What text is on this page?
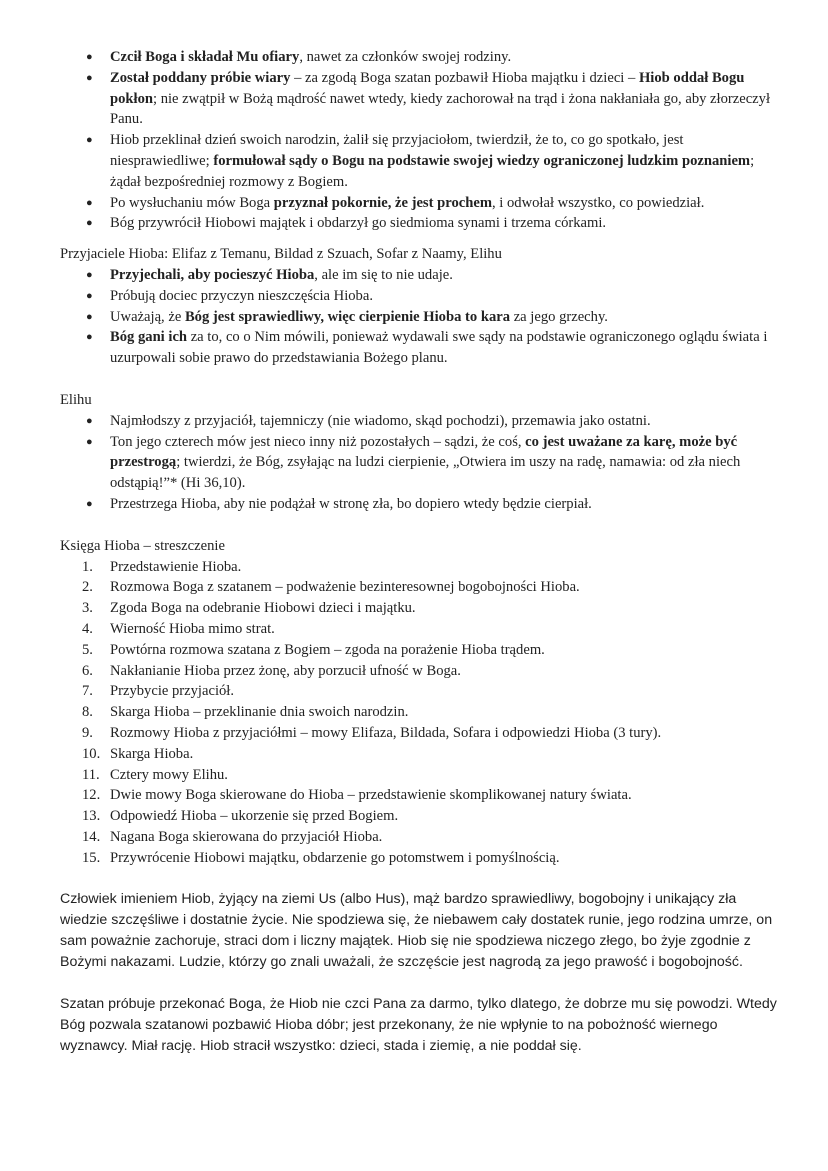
● Czcił Boga i składał Mu ofiary, nawet za członków swojej rodziny.
● Został poddany próbie wiary – za zgodą Boga szatan pozbawił Hioba majątku i dzieci – Hiob oddał Bogu pokłon; nie zwątpił w Bożą mądrość nawet wtedy, kiedy zachorował na trąd i żona nakłaniała go, aby złorzeczył Panu.
● Hiob przeklinał dzień swoich narodzin, żalił się przyjaciołom, twierdził, że to, co go spotkało, jest niesprawiedliwe; formułował sądy o Bogu na podstawie swojej wiedzy ograniczonej ludzkim poznaniem; żądał bezpośredniej rozmowy z Bogiem.
● Po wysłuchaniu mów Boga przyznał pokornie, że jest prochem, i odwołał wszystko, co powiedział.
● Bóg przywrócił Hiobowi majątek i obdarzył go siedmioma synami i trzema córkami.

Przyjaciele Hioba: Elifaz z Temanu, Bildad z Szuach, Sofar z Naamy, Elihu

● Przyjechali, aby pocieszyć Hioba, ale im się to nie udaje.
● Próbują dociec przyczyn nieszczęścia Hioba.
● Uważają, że Bóg jest sprawiedliwy, więc cierpienie Hioba to kara za jego grzechy.
● Bóg gani ich za to, co o Nim mówili, ponieważ wydawali swe sądy na podstawie ograniczonego oglądu świata i uzurpowali sobie prawo do przedstawiania Bożego planu.

Elihu

● Najmłodszy z przyjaciół, tajemniczy (nie wiadomo, skąd pochodzi), przemawia jako ostatni.
● Ton jego czterech mów jest nieco inny niż pozostałych – sądzi, że coś, co jest uważane za karę, może być przestrogą; twierdzi, że Bóg, zsyłając na ludzi cierpienie, „Otwiera im uszy na radę, namawia: od zła niech odstąpią!”* (Hi 36,10).
● Przestrzega Hioba, aby nie podążał w stronę zła, bo dopiero wtedy będzie cierpiał.

Księga Hioba – streszczenie

1. Przedstawienie Hioba.
2. Rozmowa Boga z szatanem – podważenie bezinteresownej bogobojności Hioba.
3. Zgoda Boga na odebranie Hiobowi dzieci i majątku.
4. Wierność Hioba mimo strat.
5. Powtórna rozmowa szatana z Bogiem – zgoda na porażenie Hioba trądem.
6. Nakłanianie Hioba przez żonę, aby porzucił ufność w Boga.
7. Przybycie przyjaciół.
8. Skarga Hioba – przeklinanie dnia swoich narodzin.
9. Rozmowy Hioba z przyjaciółmi – mowy Elifaza, Bildada, Sofara i odpowiedzi Hioba (3 tury).
10. Skarga Hioba.
11. Cztery mowy Elihu.
12. Dwie mowy Boga skierowane do Hioba – przedstawienie skomplikowanej natury świata.
13. Odpowiedź Hioba – ukorzenie się przed Bogiem.
14. Nagana Boga skierowana do przyjaciół Hioba.
15. Przywrócenie Hiobowi majątku, obdarzenie go potomstwem i pomyślnością.

Człowiek imieniem Hiob, żyjący na ziemi Us (albo Hus), mąż bardzo sprawiedliwy, bogobojny i unikający zła wiedzie szczęśliwe i dostatnie życie. Nie spodziewa się, że niebawem cały dostatek runie, jego rodzina umrze, on sam poważnie zachoruje, straci dom i liczny majątek. Hiob się nie spodziewa niczego złego, bo żyje zgodnie z Bożymi nakazami. Ludzie, którzy go znali uważali, że szczęście jest nagrodą za jego prawość i bogobojność.

Szatan próbuje przekonać Boga, że Hiob nie czci Pana za darmo, tylko dlatego, że dobrze mu się powodzi. Wtedy Bóg pozwala szatanowi pozbawić Hioba dóbr; jest przekonany, że nie wpłynie to na pobożność wiernego wyznawcy. Miał rację. Hiob stracił wszystko: dzieci, stada i ziemię, a nie poddał się.
